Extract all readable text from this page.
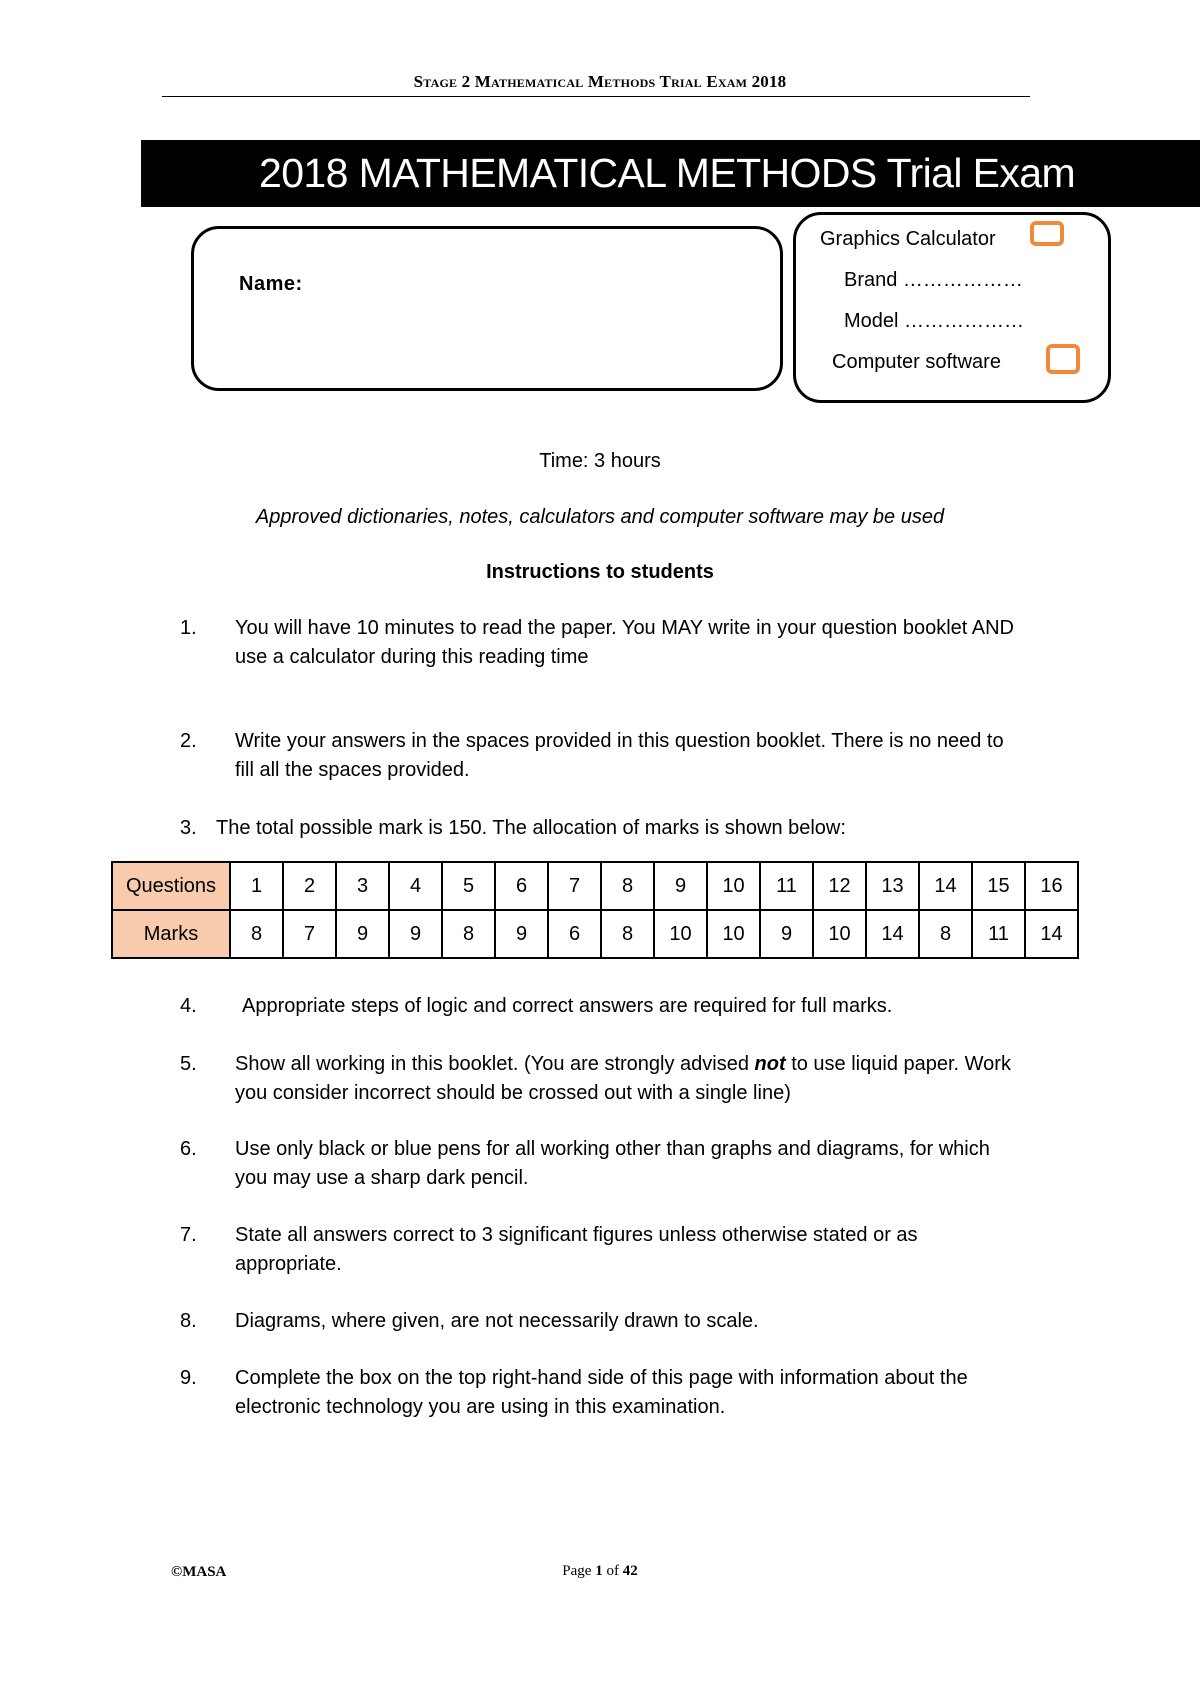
Stage 2 Mathematical Methods Trial Exam 2018
2018 MATHEMATICAL METHODS Trial Exam
Name:
Graphics Calculator
Brand ………………
Model ………………
Computer software
Time: 3 hours
Approved dictionaries, notes, calculators and computer software may be used
Instructions to students
1. You will have 10 minutes to read the paper. You MAY write in your question booklet AND use a calculator during this reading time
2. Write your answers in the spaces provided in this question booklet. There is no need to fill all the spaces provided.
3. The total possible mark is 150. The allocation of marks is shown below:
Questions	1	2	3	4	5	6	7	8	9	10	11	12	13	14	15	16
Marks	8	7	9	9	8	9	6	8	10	10	9	10	14	8	11	14
4. Appropriate steps of logic and correct answers are required for full marks.
5. Show all working in this booklet. (You are strongly advised not to use liquid paper. Work you consider incorrect should be crossed out with a single line)
6. Use only black or blue pens for all working other than graphs and diagrams, for which you may use a sharp dark pencil.
7. State all answers correct to 3 significant figures unless otherwise stated or as appropriate.
8. Diagrams, where given, are not necessarily drawn to scale.
9. Complete the box on the top right-hand side of this page with information about the electronic technology you are using in this examination.
©MASA	Page 1 of 42
